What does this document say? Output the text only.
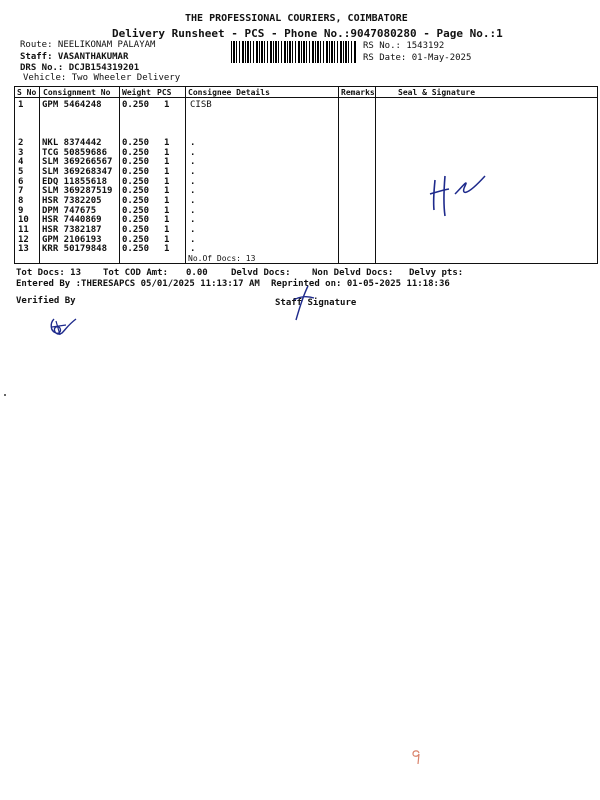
THE PROFESSIONAL COURIERS, COIMBATORE
Delivery Runsheet - PCS - Phone No.:9047080280 - Page No.:1
Route: NEELIKONAM PALAYAM
Staff: VASANTHAKUMAR
DRS No.: DCJB154319201
Vehicle: Two Wheeler Delivery
RS No.: 1543192
RS Date: 01-May-2025
S No Consignment No Weight PCS Consignee Details	Remarks	Seal & Signature
1 GPM 5464248 0.250 1 CISB
2 NKL 8374442 0.250 1 .
3 TCG 50859686 0.250 1 .
4 SLM 369266567 0.250 1 .
5 SLM 369268347 0.250 1 .
6 EDQ 11855618 0.250 1 .
7 SLM 369287519 0.250 1 .
8 HSR 7382205 0.250 1 .
9 DPM 747675	0.250 1 .
10 HSR 7440869 0.250 1 .
11 HSR 7382187 0.250 1 .
12 GPM 2106193 0.250 1 .
13 KRR 50179848 0.250 1 .
No.Of Docs: 13
Tot Docs: 13 Tot COD Amt: 0.00	Delvd Docs: Non Delvd Docs: Delvy pts:
Entered By :THERESAPCS 05/01/2025 11:13:17 AM Reprinted on: 01-05-2025 11:18:36
Verified By	Staff Signature
